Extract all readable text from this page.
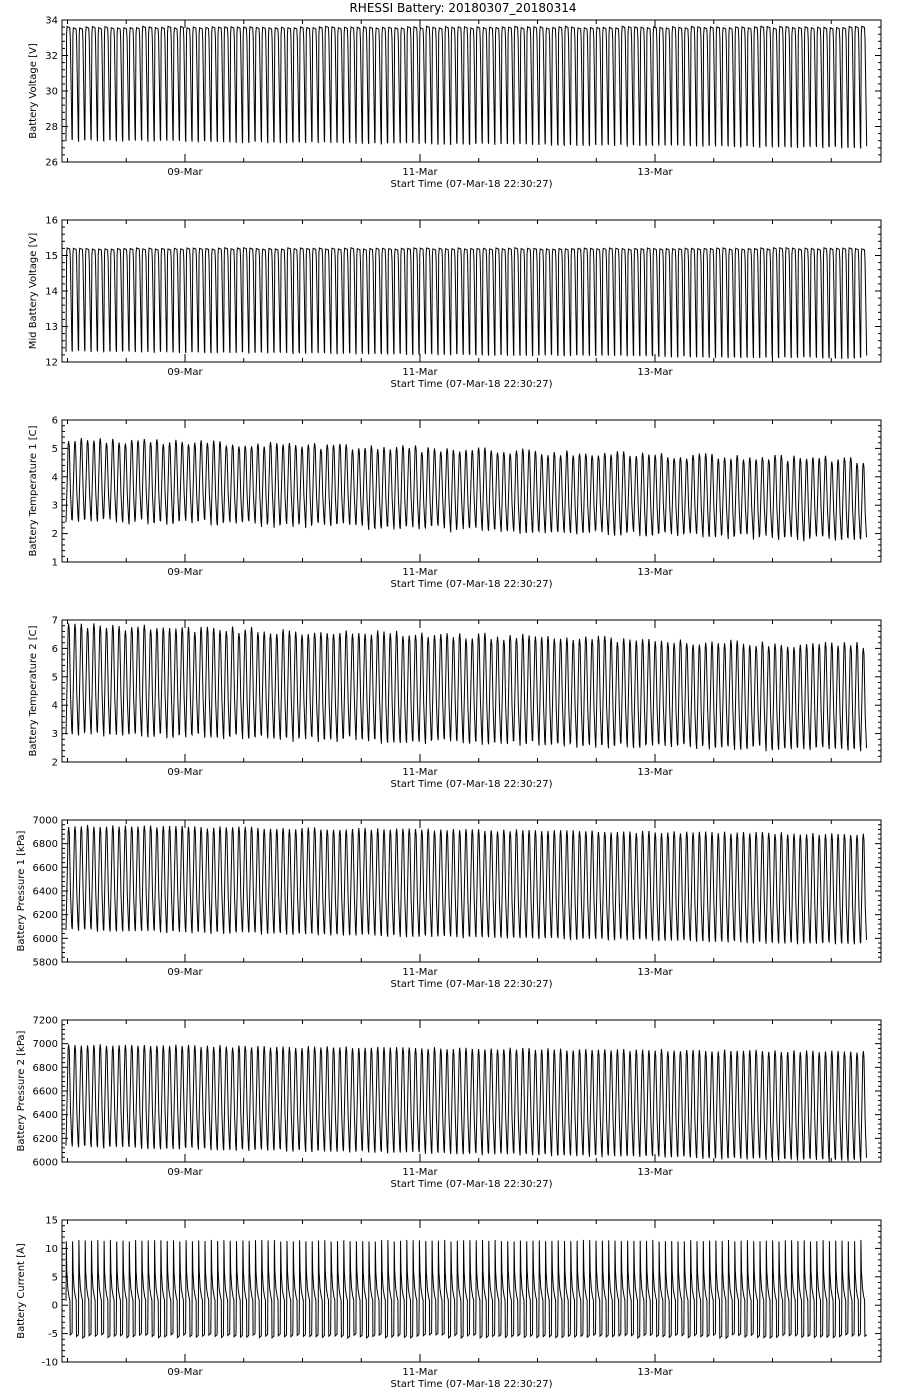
RHESSI Battery: 20180307_20180314
26
28
30
32
34
09-Mar	11-Mar	13-Mar
Start Time (07-Mar-18 22:30:27)
Battery Voltage [V]
12
13
14
15
16
09-Mar	11-Mar	13-Mar
Start Time (07-Mar-18 22:30:27)
Mid Battery Voltage [V]
1
2
3
4
5
6
09-Mar	11-Mar	13-Mar
Start Time (07-Mar-18 22:30:27)
Battery Temperature 1 [C]
2
3
4
5
6
7
09-Mar	11-Mar	13-Mar
Start Time (07-Mar-18 22:30:27)
Battery Temperature 2 [C]
5800
6000
6200
6400
6600
6800
7000
09-Mar	11-Mar	13-Mar
Start Time (07-Mar-18 22:30:27)
Battery Pressure 1 [kPa]
6000
6200
6400
6600
6800
7000
7200
09-Mar	11-Mar	13-Mar
Start Time (07-Mar-18 22:30:27)
Battery Pressure 2 [kPa]
-10
-5
0
5
10
15
09-Mar	11-Mar	13-Mar
Start Time (07-Mar-18 22:30:27)
Battery Current [A]
